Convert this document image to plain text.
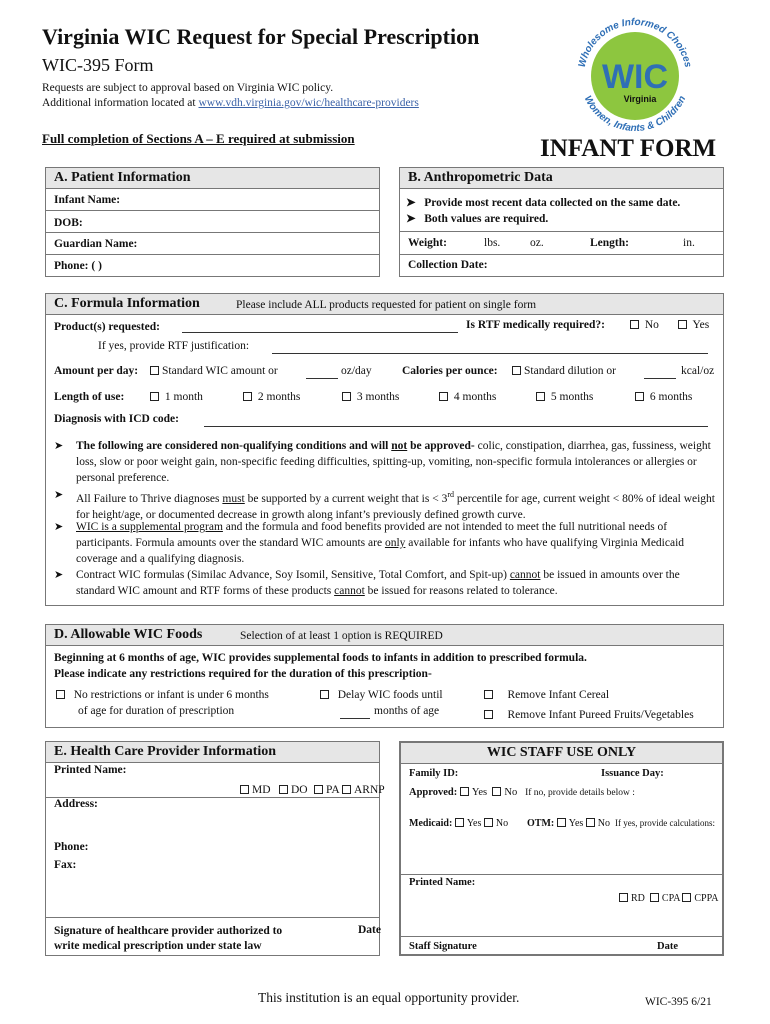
Virginia WIC Request for Special Prescription
WIC-395 Form
Requests are subject to approval based on Virginia WIC policy.
Additional information located at www.vdh.virginia.gov/wic/healthcare-providers
Full completion of Sections A – E required at submission	INFANT FORM
Wholesome Informed Choices
Women, Infants & Children
WIC
Virginia
A. Patient Information
Infant Name:
DOB:
Guardian Name:
Phone: ( )
B. Anthropometric Data
➤ Provide most recent data collected on the same date.
➤ Both values are required.
Weight:	lbs.	oz.	Length:	in.
Collection Date:
C. Formula Information	Please include ALL products requested for patient on single form
Product(s) requested:	Is RTF medically required?:	No	Yes
If yes, provide RTF justification:
Amount per day:	Standard WIC amount or	oz/day	Calories per ounce:	Standard dilution or	kcal/oz
Length of use:	1 month	2 months	3 months	4 months	5 months	6 months
Diagnosis with ICD code:
➤ The following are considered non-qualifying conditions and will not be approved- colic, constipation, diarrhea, gas, fussiness, weight loss, slow or poor weight gain, non-specific feeding difficulties, spitting-up, vomiting, non-specific formula intolerances or allergies or personal preference.
➤ All Failure to Thrive diagnoses must be supported by a current weight that is < 3rd percentile for age, current weight < 80% of ideal weight for height/age, or documented decrease in growth along infant’s previously defined growth curve.
➤ WIC is a supplemental program and the formula and food benefits provided are not intended to meet the full nutritional needs of participants. Formula amounts over the standard WIC amounts are only available for infants who have qualifying Virginia Medicaid coverage and a qualifying diagnosis.
➤ Contract WIC formulas (Similac Advance, Soy Isomil, Sensitive, Total Comfort, and Spit-up) cannot be issued in amounts over the standard WIC amount and RTF forms of these products cannot be issued for reasons related to tolerance.
D. Allowable WIC Foods	Selection of at least 1 option is REQUIRED
Beginning at 6 months of age, WIC provides supplemental foods to infants in addition to prescribed formula.
Please indicate any restrictions required for the duration of this prescription-
No restrictions or infant is under 6 months
of age for duration of prescription
Delay WIC foods until
months of age
Remove Infant Cereal
Remove Infant Pureed Fruits/Vegetables
E. Health Care Provider Information
Printed Name:
MD	DO	PA	ARNP
Address:
Phone:
Fax:
Signature of healthcare provider authorized to
write medical prescription under state law
Date
WIC STAFF USE ONLY
Family ID:	Issuance Day:
Approved: Yes No If no, provide details below :
Medicaid: Yes No OTM: Yes No If yes, provide calculations:
Printed Name:
RD CPA CPPA
Staff Signature	Date
This institution is an equal opportunity provider.	WIC-395 6/21
